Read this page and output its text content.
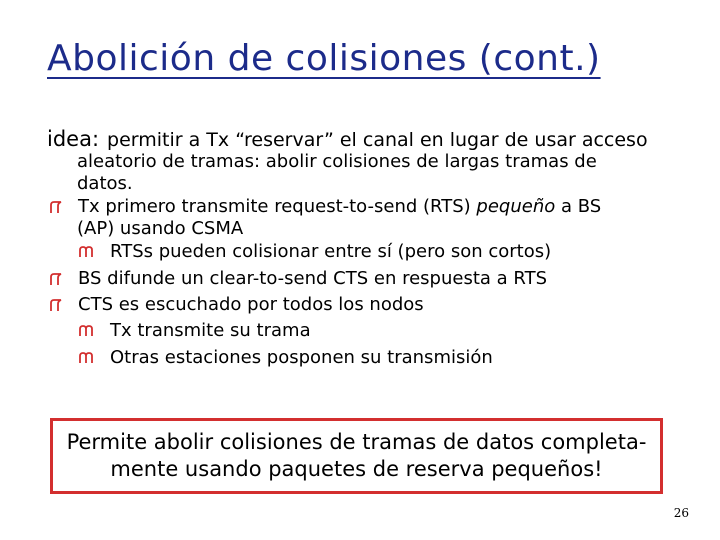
Abolición de colisiones (cont.)
idea: permitir a Tx “reservar” el canal en lugar de usar acceso
aleatorio de tramas: abolir colisiones de largas tramas de
datos.
Tx primero transmite request-to-send (RTS) pequeño a BS
(AP) usando CSMA
RTSs pueden colisionar entre sí (pero son cortos)
BS difunde un clear-to-send CTS en respuesta a RTS
CTS es escuchado por todos los nodos
Tx transmite su trama
Otras estaciones posponen su transmisión
Permite abolir colisiones de tramas de datos completa-
mente usando paquetes de reserva pequeños!
26
